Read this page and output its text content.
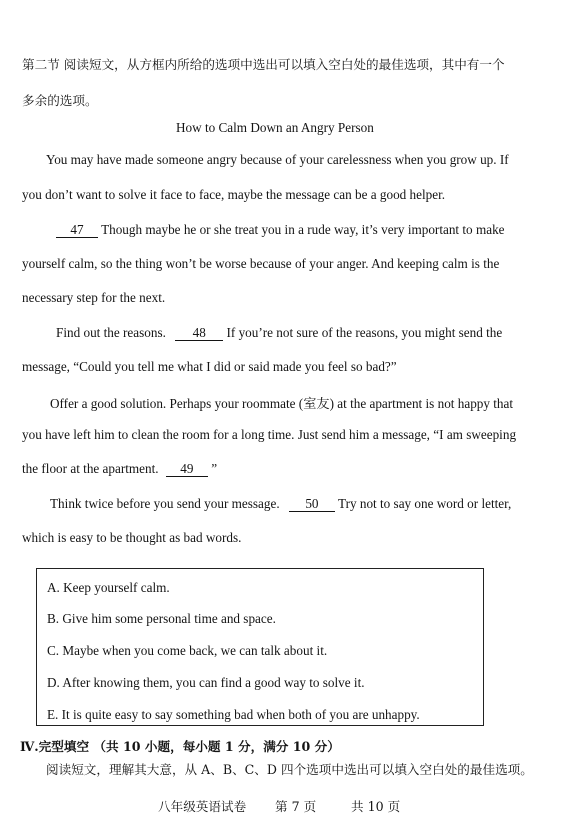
第二节 阅读短文，从方框内所给的选项中选出可以填入空白处的最佳选项，其中有一个
多余的选项。
How to Calm Down an Angry Person
You may have made someone angry because of your carelessness when you grow up. If
you don’t want to solve it face to face, maybe the message can be a good helper.
47 Though maybe he or she treat you in a rude way, it’s very important to make
yourself calm, so the thing won’t be worse because of your anger. And keeping calm is the
necessary step for the next.
Find out the reasons. 48 If you’re not sure of the reasons, you might send the
message, “Could you tell me what I did or said made you feel so bad?”
Offer a good solution. Perhaps your roommate (室友) at the apartment is not happy that
you have left him to clean the room for a long time. Just send him a message, “I am sweeping
the floor at the apartment. 49 ”
Think twice before you send your message. 50 Try not to say one word or letter,
which is easy to be thought as bad words.
A. Keep yourself calm.
B. Give him some personal time and space.
C. Maybe when you come back, we can talk about it.
D. After knowing them, you can find a good way to solve it.
E. It is quite easy to say something bad when both of you are unhappy.
Ⅳ.完型填空 （共 10 小题，每小题 1 分，满分 10 分）
阅读短文，理解其大意，从 A、B、C、D 四个选项中选出可以填入空白处的最佳选项。
八年级英语试卷 第 7 页	共 10 页
